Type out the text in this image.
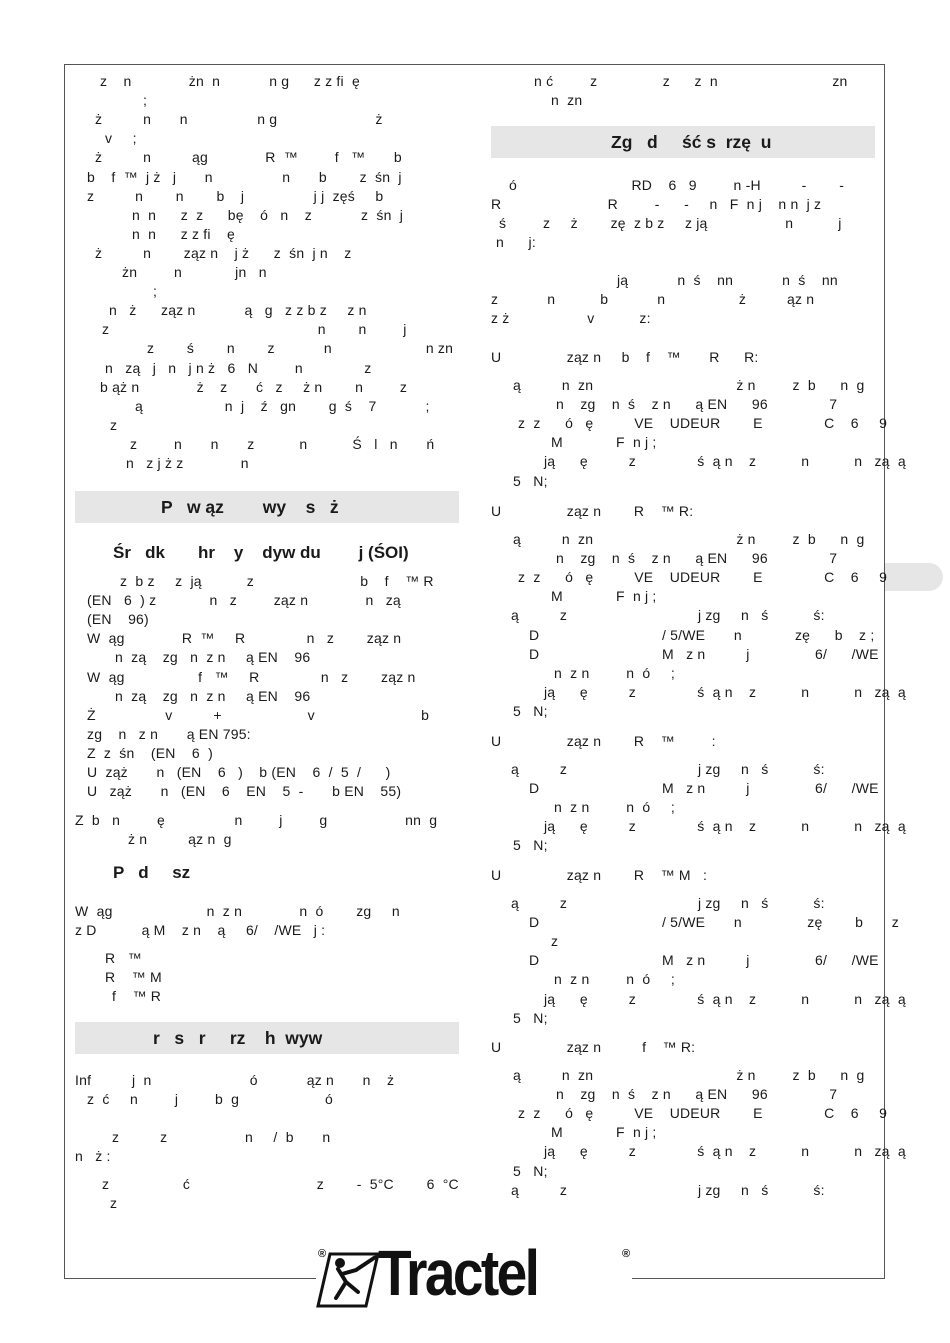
z    n              żn  n            n g      z z fi  ę
;
ż          n       n                 n g                        ż
v     ;
ż          n          ąg              R  ™         f   ™       b
b    f  ™  j ż   j       n                 n       b        z  śn  j
z          n        n        b    j                 j j  zęś     b
n  n      z  z      bę    ó   n    z            z  śn  j
n  n      z z fi    ę
ż          n        ząz n    j ż      z  śn  j n    z
żn         n             jn   n
;
n   ż      ząz n            ą   g   z z b z     z n
z                                                   n        n         j
z        ś        n        z            n                       n zn
n   zą   j   n   j n ż   6   N         n               z
b ąż n              ż    z       ć   z     ż n        n         z
ą                    n  j    ź   gn        g  ś    7            ;
z
z         n       n       z           n           Ś   l   n       ń
n   z j ż z              n
P   w ąz        wy    s   ż
Śr   dk       hr    y    dyw du        j (ŚOI)
z  b z     z  ją           z                          b    f    ™ R
(EN   6  ) z             n   z         ząz n              n   zą
(EN    96)
W  ąg              R  ™     R               n   z        ząz n
n  zą    zg   n  z n     ą EN    96
W  ąg                  f   ™     R               n   z        ząz n
n  zą    zg   n  z n     ą EN    96
Ż                 v          +                     v                          b
zg    n   z n       ą EN 795:
Z  z  śn    (EN    6  )
U  ząż       n   (EN    6   )    b (EN    6  /  5  /      )
U   ząż       n   (EN    6    EN    5  -       b EN    55)
Z  b   n         ę                 n         j         g                   nn  g
ż n          ąz n  g
P   d     sz
W  ąg                       n  z n              n  ó        zg     n
z D           ą M    z n    ą     6/    /WE   j :
R   ™
R    ™ M
f    ™ R
r   s   r     rz    h  wyw
Inf          j  n                        ó            ąz n       n    ż
z  ć     n         j         b  g                     ó
z          z                   n     /  b       n
n   ż :
z                  ć                               z        -  5°C        6  °C
z
n ć         z                z      z  n                            zn
n  zn
Zg   d     ść s  rzę  u
ó                            RD    6   9         n -H          -        -
R                          R         -      -     n   F  n j    n n  j z
ś         z     ż        zę  z b z     z ją                   n           j
n      j:
ją            n  ś    nn            n  ś    nn
z            n           b            n                  ż          ąz n
z ż                   v           z:
U                ząz n     b    f    ™       R      R:
ą          n  zn                                   ż n         z  b      n  g
n    zg    n  ś    z n      ą EN      96               7
z  z      ó   ę          VE    UDEUR        E               C    6     9
M             F  n j ;
ją      ę          z               ś  ą n    z           n           n   zą  ą
5   N;
U                ząz n        R    ™ R:
ą          n  zn                                   ż n         z  b      n  g
n    zg    n  ś    z n      ą EN      96               7
z  z      ó   ę          VE    UDEUR        E               C    6     9
M             F  n j ;
ą          z                                j zg     n   ś           ś:
D                              / 5/WE       n             zę      b    z ;
D                              M   z n          j                6/      /WE
n  z n         n  ó     ;
ją      ę          z               ś  ą n    z           n           n   zą  ą
5   N;
U                ząz n        R    ™         :
ą          z                                j zg     n   ś           ś:
D                              M   z n          j                6/      /WE
n  z n         n  ó     ;
ją      ę          z               ś  ą n    z           n           n   zą  ą
5   N;
U                ząz n        R    ™ M   :
ą          z                                j zg     n   ś           ś:
D                              / 5/WE       n                zę        b       z
z
D                              M   z n          j                6/      /WE
n  z n         n  ó     ;
ją      ę          z               ś  ą n    z           n           n   zą  ą
5   N;
U                ząz n          f    ™ R:
ą          n  zn                                   ż n         z  b      n  g
n    zg    n  ś    z n      ą EN      96               7
z  z      ó   ę          VE    UDEUR        E               C    6     9
M             F  n j ;
ją      ę          z               ś  ą n    z           n           n   zą  ą
5   N;
ą          z                                j zg     n   ś           ś:
® Tractel	®
